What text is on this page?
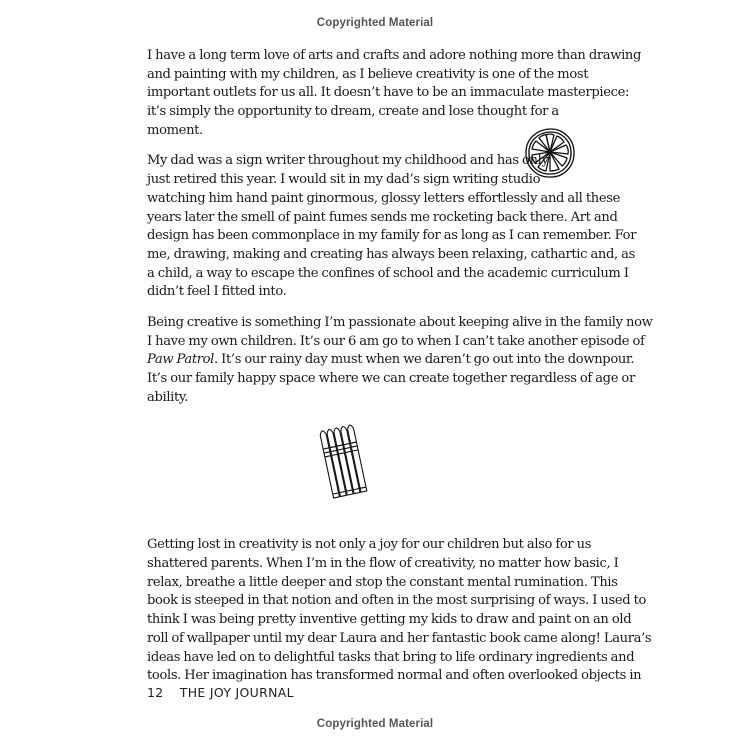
Copyrighted Material
I have a long term love of arts and crafts and adore nothing more than drawing
and painting with my children, as I believe creativity is one of the most
important outlets for us all. It doesn’t have to be an immaculate masterpiece:
it’s simply the opportunity to dream, create and lose thought for a
moment.
My dad was a sign writer throughout my childhood and has only
just retired this year. I would sit in my dad’s sign writing studio
watching him hand paint ginormous, glossy letters effortlessly and all these
years later the smell of paint fumes sends me rocketing back there. Art and
design has been commonplace in my family for as long as I can remember. For
me, drawing, making and creating has always been relaxing, cathartic and, as
a child, a way to escape the confines of school and the academic curriculum I
didn’t feel I fitted into.
Being creative is something I’m passionate about keeping alive in the family now
I have my own children. It’s our 6 am go to when I can’t take another episode of
Paw Patrol. It’s our rainy day must when we daren’t go out into the downpour.
It’s our family happy space where we can create together regardless of age or
ability.
Getting lost in creativity is not only a joy for our children but also for us
shattered parents. When I’m in the flow of creativity, no matter how basic, I
relax, breathe a little deeper and stop the constant mental rumination. This
book is steeped in that notion and often in the most surprising of ways. I used to
think I was being pretty inventive getting my kids to draw and paint on an old
roll of wallpaper until my dear Laura and her fantastic book came along! Laura’s
ideas have led on to delightful tasks that bring to life ordinary ingredients and
tools. Her imagination has transformed normal and often overlooked objects in
12 THE JOY JOURNAL
Copyrighted Material
